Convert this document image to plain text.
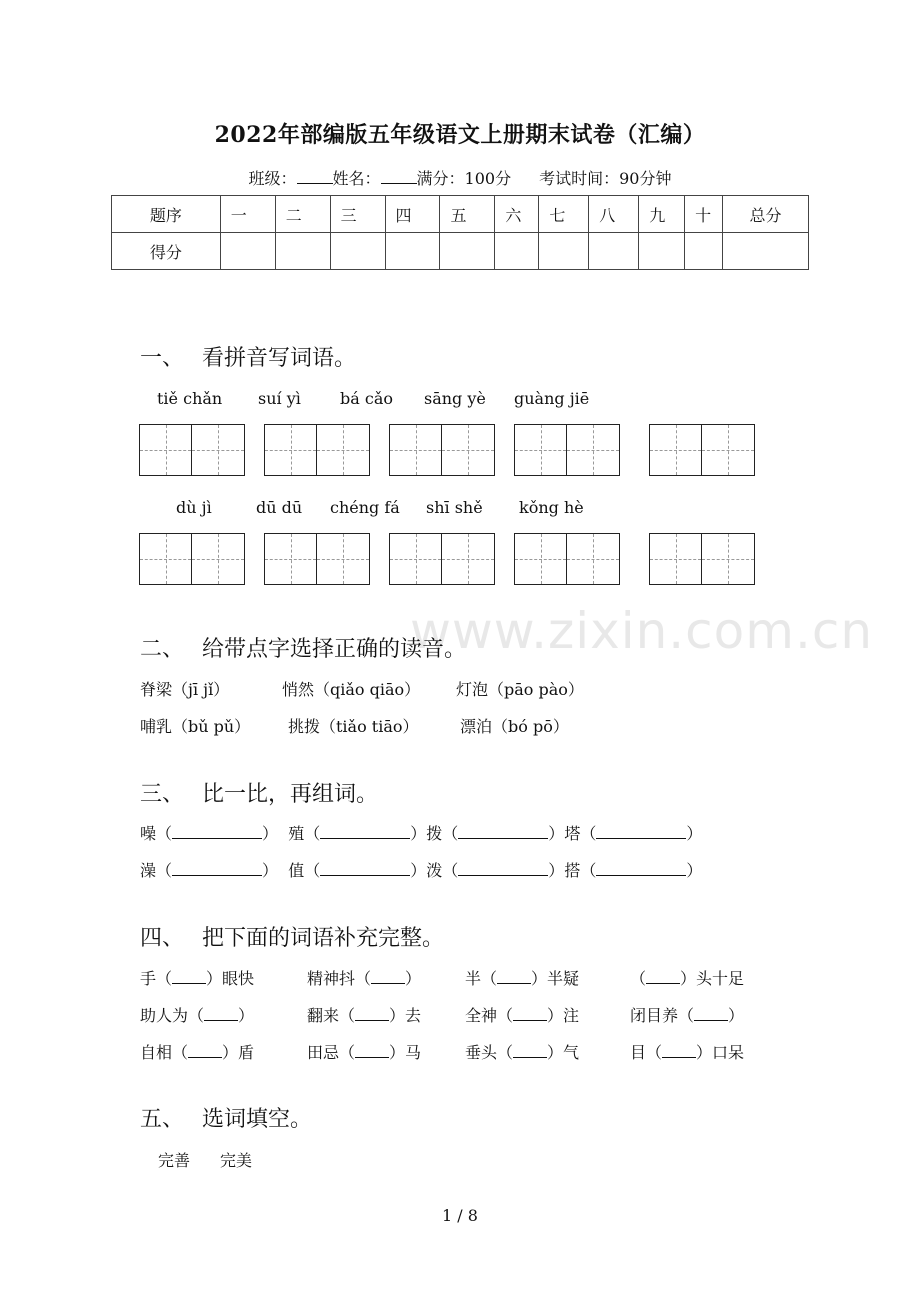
www.zixin.com.cn
2022年部编版五年级语文上册期末试卷（汇编）
班级： 姓名： 满分：100分 考试时间：90分钟
题序	一	二	三	四	五	六	七	八	九	十	总分
得分											
一、 看拼音写词语。
tiě chǎn suí yì bá cǎo sāng yè guàng jiē
dù jì	dū dū chéng fá shī shě kǒng hè
二、 给带点字选择正确的读音。
脊梁（jī jǐ）	悄然（qiǎo qiāo） 灯泡（pāo pào）
哺乳（bǔ pǔ） 挑拨（tiǎo tiāo）	漂泊（bó pō）
三、 比一比，再组词。
噪（	）  殖（	）拨（	）塔（	）
澡（	）  值（	）泼（	）搭（	）
四、 把下面的词语补充完整。
手（ ）眼快	精神抖（ ）	半（ ）半疑	（ ）头十足
助人为（ ）	翻来（ ）去	全神（ ）注	闭目养（ ）
自相（ ）盾	田忌（ ）马	垂头（ ）气	目（ ）口呆
五、 选词填空。
完善 完美
1 / 8
